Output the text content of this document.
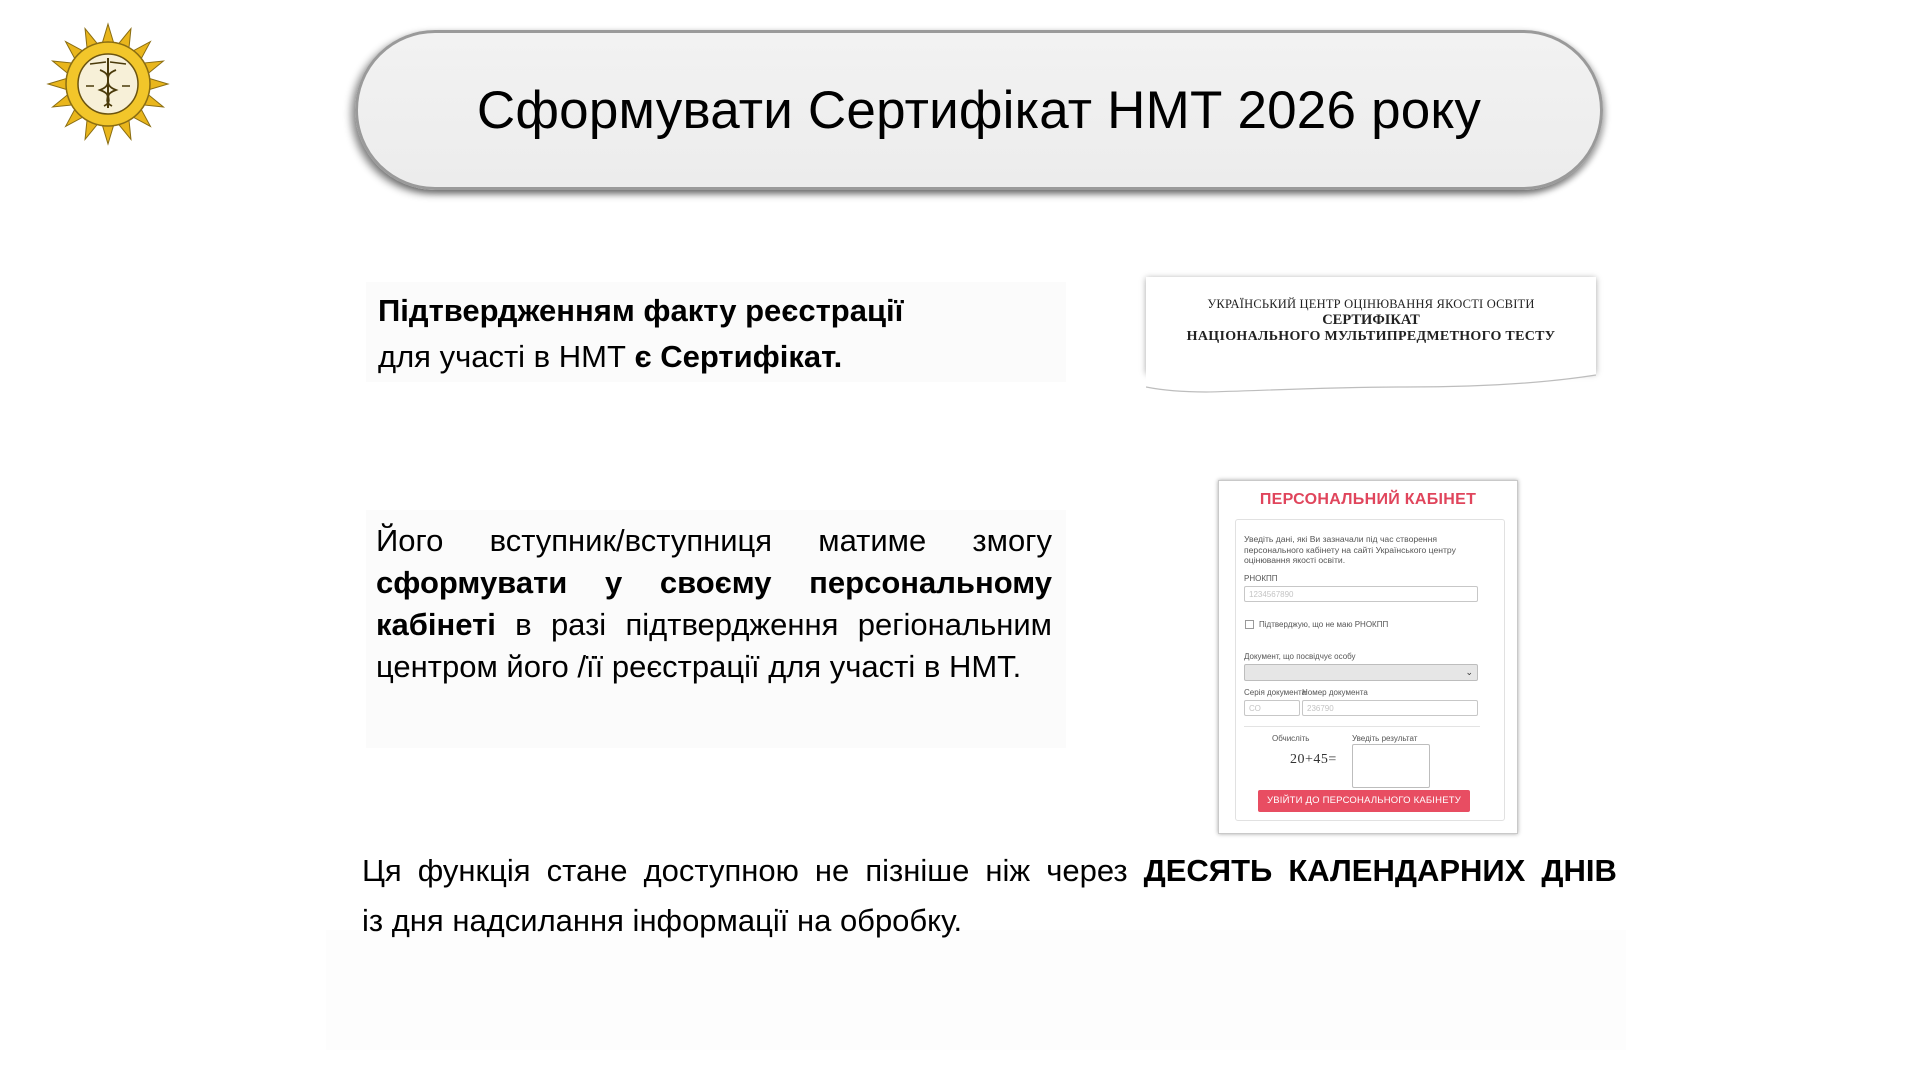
Сформувати Сертифікат НМТ 2026 року
Підтвердженням факту реєстрації
для участі в НМТ є Сертифікат.
УКРАЇНСЬКИЙ ЦЕНТР ОЦІНЮВАННЯ ЯКОСТІ ОСВІТИ
СЕРТИФІКАТ
НАЦІОНАЛЬНОГО МУЛЬТИПРЕДМЕТНОГО ТЕСТУ
Його вступник/вступниця матиме змогу сформувати у своєму персональному кабінеті в разі підтвердження регіональним центром його /її реєстрації для участі в НМТ.
ПЕРСОНАЛЬНИЙ КАБІНЕТ
Уведіть дані, які Ви зазначали під час створення персонального кабінету на сайті Українського центру оцінювання якості освіти.
РНОКПП
1234567890
Підтверджую, що не маю РНОКПП
Документ, що посвідчує особу
⌄
Серія документа
Номер документа
СО	236790
Обчисліть	Уведіть результат
20+45=
УВІЙТИ ДО ПЕРСОНАЛЬНОГО КАБІНЕТУ
Ця функція стане доступною не пізніше ніж через ДЕСЯТЬ КАЛЕНДАРНИХ ДНІВ
із дня надсилання інформації на обробку.
